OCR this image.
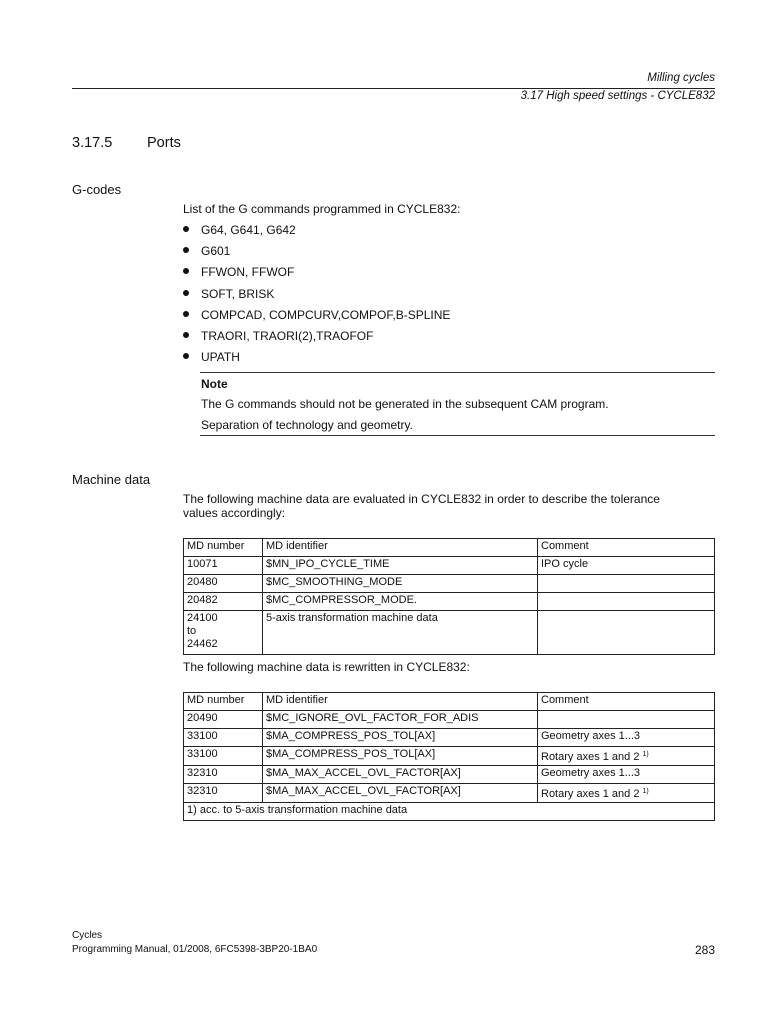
Milling cycles
3.17 High speed settings - CYCLE832
3.17.5 Ports
G-codes
List of the G commands programmed in CYCLE832:
G64, G641, G642
G601
FFWON, FFWOF
SOFT, BRISK
COMPCAD, COMPCURV,COMPOF,B-SPLINE
TRAORI, TRAORI(2),TRAOFOF
UPATH
Note
The G commands should not be generated in the subsequent CAM program.
Separation of technology and geometry.
Machine data
The following machine data are evaluated in CYCLE832 in order to describe the tolerance
values accordingly:
MD number	MD identifier	Comment
10071	$MN_IPO_CYCLE_TIME	IPO cycle
20480	$MC_SMOOTHING_MODE	
20482	$MC_COMPRESSOR_MODE.	
24100
to
24462	5-axis transformation machine data	
The following machine data is rewritten in CYCLE832:
MD number	MD identifier	Comment
20490	$MC_IGNORE_OVL_FACTOR_FOR_ADIS	
33100	$MA_COMPRESS_POS_TOL[AX]	Geometry axes 1...3
33100	$MA_COMPRESS_POS_TOL[AX]	Rotary axes 1 and 2 $^{1)}$
32310	$MA_MAX_ACCEL_OVL_FACTOR[AX]	Geometry axes 1...3
32310	$MA_MAX_ACCEL_OVL_FACTOR[AX]	Rotary axes 1 and 2 $^{1)}$
1) acc. to 5-axis transformation machine data		
Cycles
Programming Manual, 01/2008, 6FC5398-3BP20-1BA0	283
